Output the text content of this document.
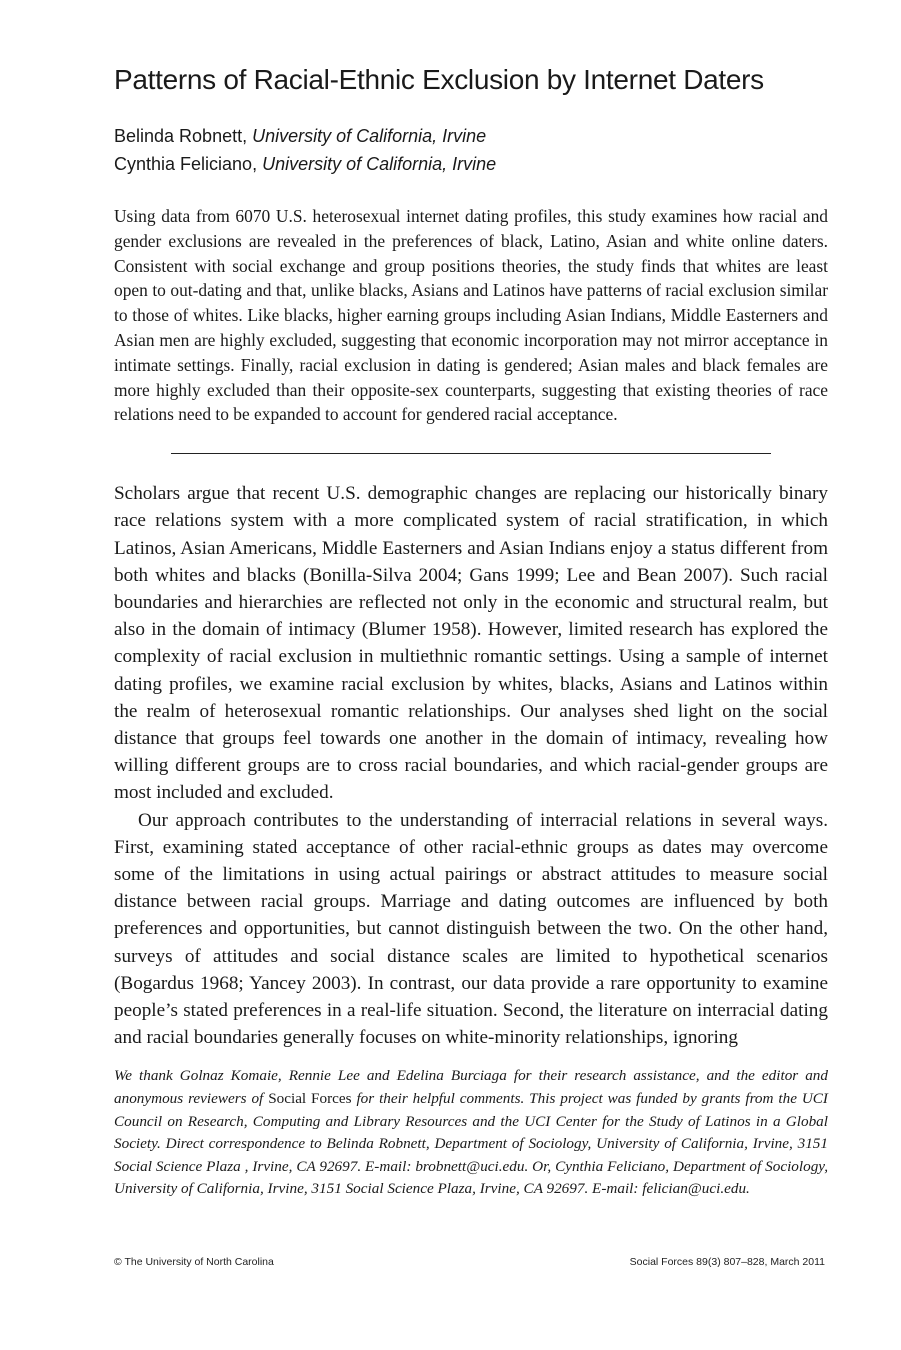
Patterns of Racial-Ethnic Exclusion by Internet Daters
Belinda Robnett, University of California, Irvine
Cynthia Feliciano, University of California, Irvine

Using data from 6070 U.S. heterosexual internet dating profiles, this study examines how racial and gender exclusions are revealed in the preferences of black, Latino, Asian and white online daters. Consistent with social exchange and group positions theories, the study finds that whites are least open to out-dating and that, unlike blacks, Asians and Latinos have patterns of racial exclusion similar to those of whites. Like blacks, higher earning groups including Asian Indians, Middle Easterners and Asian men are highly excluded, suggesting that economic incorporation may not mirror acceptance in intimate settings. Finally, racial exclusion in dating is gendered; Asian males and black females are more highly excluded than their opposite-sex counterparts, suggesting that existing theories of race relations need to be expanded to account for gendered racial acceptance.

Scholars argue that recent U.S. demographic changes are replacing our historically binary race relations system with a more complicated system of racial stratification, in which Latinos, Asian Americans, Middle Easterners and Asian Indians enjoy a status different from both whites and blacks (Bonilla-Silva 2004; Gans 1999; Lee and Bean 2007). Such racial boundaries and hierarchies are reflected not only in the economic and structural realm, but also in the domain of intimacy (Blumer 1958). However, limited research has explored the complexity of racial exclusion in multiethnic romantic settings. Using a sample of internet dating profiles, we examine racial exclusion by whites, blacks, Asians and Latinos within the realm of heterosexual romantic relationships. Our analyses shed light on the social distance that groups feel towards one another in the domain of intimacy, revealing how willing different groups are to cross racial boundaries, and which racial-gender groups are most included and excluded.

Our approach contributes to the understanding of interracial relations in several ways. First, examining stated acceptance of other racial-ethnic groups as dates may overcome some of the limitations in using actual pairings or abstract attitudes to measure social distance between racial groups. Marriage and dating outcomes are influenced by both preferences and opportunities, but cannot distinguish between the two. On the other hand, surveys of attitudes and social distance scales are limited to hypothetical scenarios (Bogardus 1968; Yancey 2003). In contrast, our data provide a rare opportunity to examine people’s stated preferences in a real-life situation. Second, the literature on interracial dating and racial boundaries generally focuses on white-minority relationships, ignoring

We thank Golnaz Komaie, Rennie Lee and Edelina Burciaga for their research assistance, and the editor and anonymous reviewers of Social Forces for their helpful comments. This project was funded by grants from the UCI Council on Research, Computing and Library Resources and the UCI Center for the Study of Latinos in a Global Society. Direct correspondence to Belinda Robnett, Department of Sociology, University of California, Irvine, 3151 Social Science Plaza , Irvine, CA 92697. E-mail: brobnett@uci.edu. Or, Cynthia Feliciano, Department of Sociology, University of California, Irvine, 3151 Social Science Plaza, Irvine, CA 92697. E-mail: felician@uci.edu.
© The University of North Carolina	Social Forces 89(3) 807–828, March 2011
